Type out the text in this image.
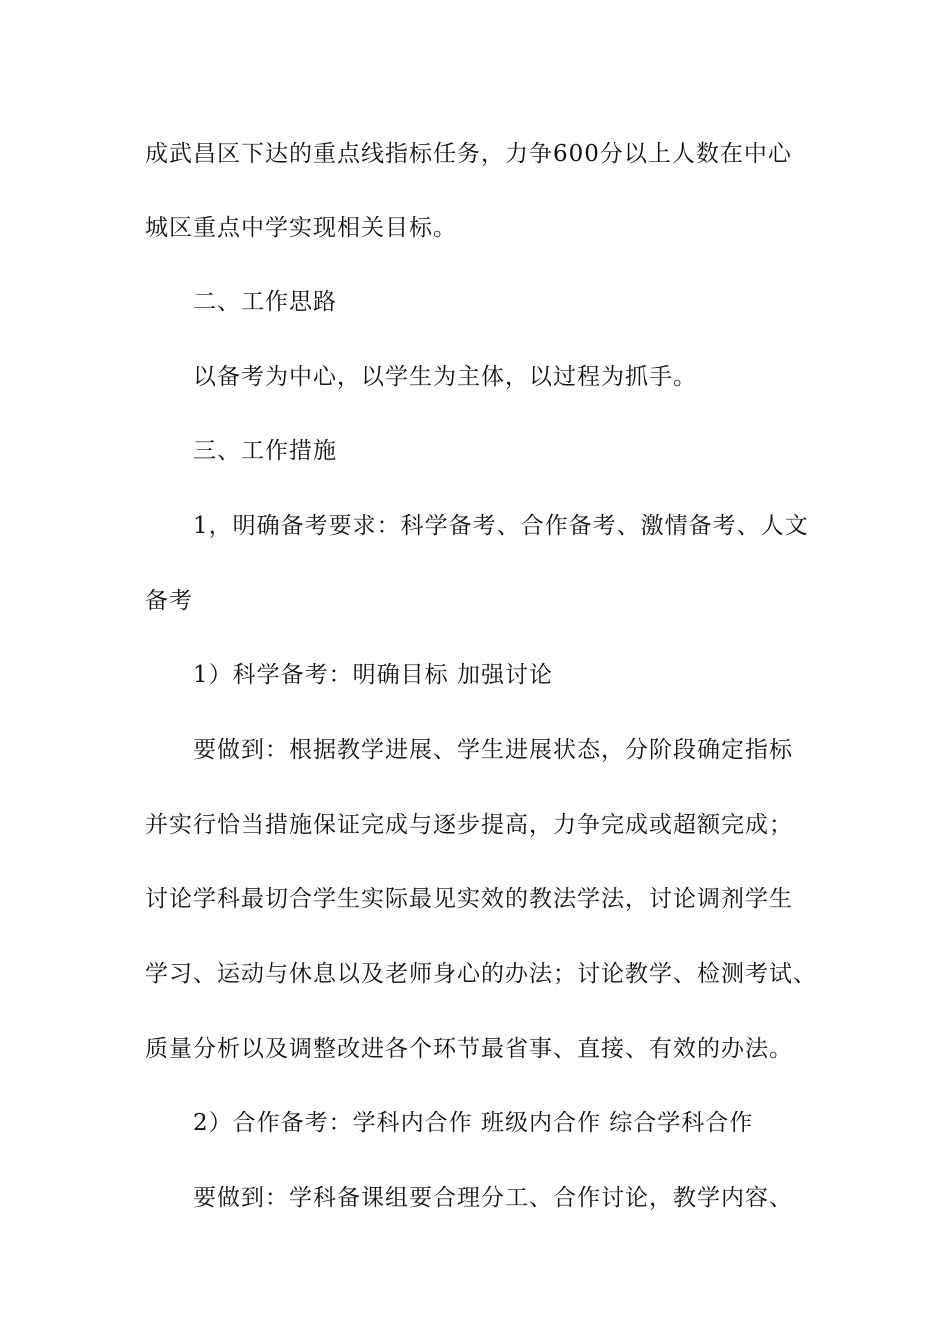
成武昌区下达的重点线指标任务，力争600分以上人数在中心
城区重点中学实现相关目标。
二、工作思路
以备考为中心，以学生为主体，以过程为抓手。
三、工作措施
1，明确备考要求：科学备考、合作备考、激情备考、人文
备考
1）科学备考：明确目标 加强讨论
要做到：根据教学进展、学生进展状态，分阶段确定指标
并实行恰当措施保证完成与逐步提高，力争完成或超额完成；
讨论学科最切合学生实际最见实效的教法学法，讨论调剂学生
学习、运动与休息以及老师身心的办法；讨论教学、检测考试、
质量分析以及调整改进各个环节最省事、直接、有效的办法。
2）合作备考：学科内合作 班级内合作 综合学科合作
要做到：学科备课组要合理分工、合作讨论，教学内容、
